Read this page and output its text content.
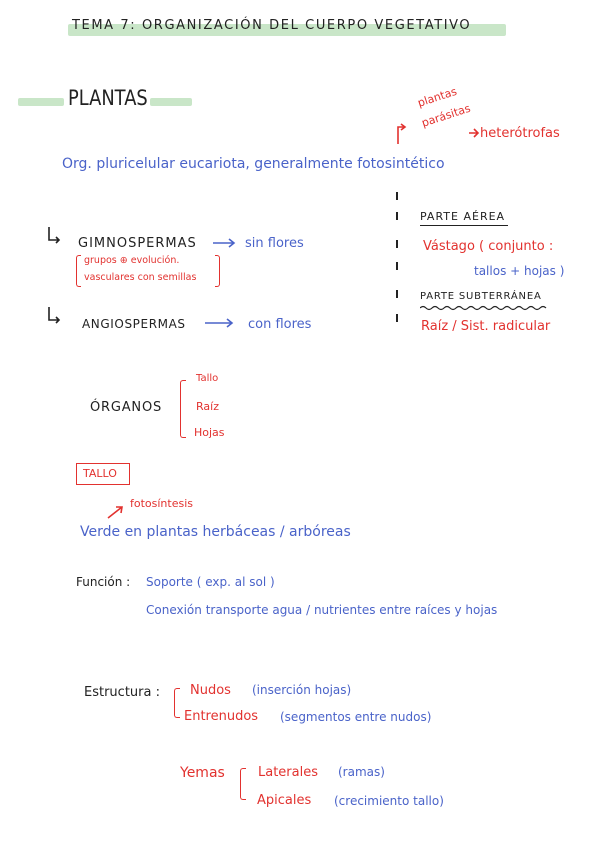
TEMA 7: ORGANIZACIÓN DEL CUERPO VEGETATIVO
PLANTAS	plantas
parásitas
heterótrofas
Org. pluricelular eucariota, generalmente fotosintético
GIMNOSPERMAS	sin flores
grupos ⊕ evolución.
vasculares con semillas
ANGIOSPERMAS	con flores
PARTE AÉREA
Vástago ( conjunto :
tallos + hojas )
PARTE SUBTERRÁNEA
Raíz / Sist. radicular
ÓRGANOS
Tallo
Raíz
Hojas
TALLO
fotosíntesis
Verde en plantas herbáceas / arbóreas
Función : Soporte ( exp. al sol )
Conexión transporte agua / nutrientes entre raíces y hojas
Estructura : Nudos (inserción hojas)
Entrenudos (segmentos entre nudos)
Yemas	Laterales (ramas)
Apicales (crecimiento tallo)
